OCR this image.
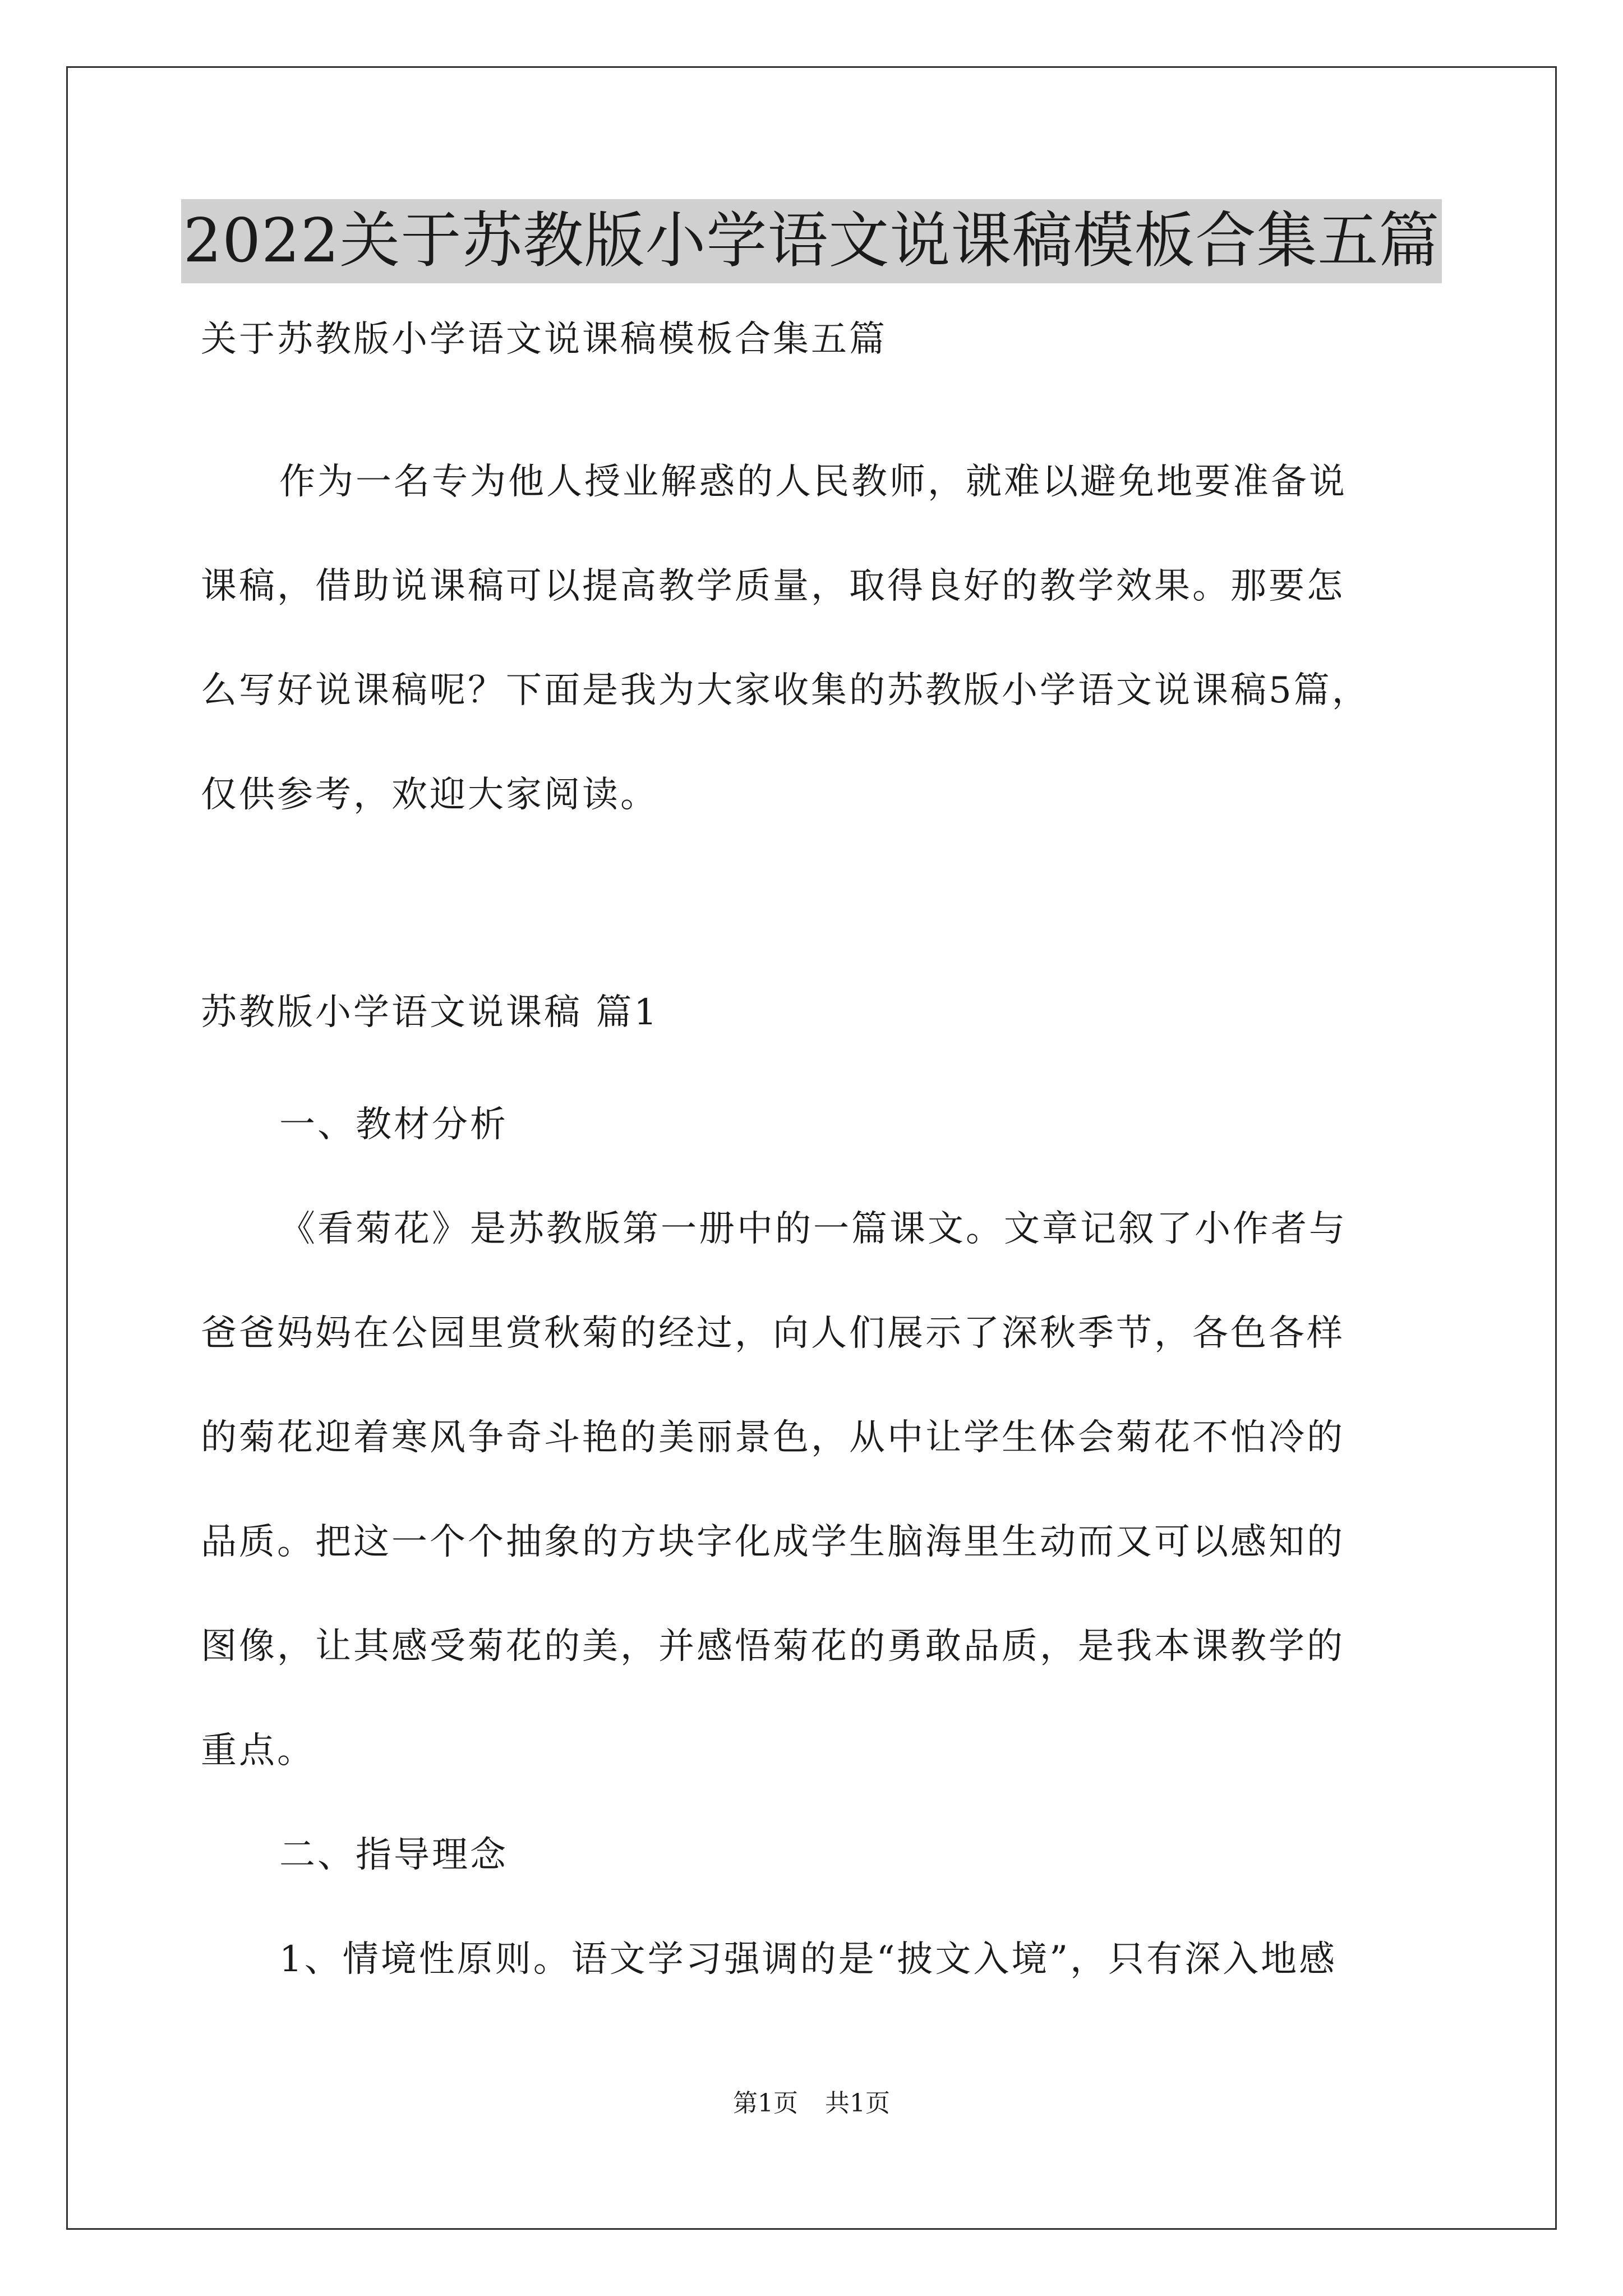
2022关于苏教版小学语文说课稿模板合集五篇
关于苏教版小学语文说课稿模板合集五篇
作为一名专为他人授业解惑的人民教师，就难以避免地要准备说
课稿，借助说课稿可以提高教学质量，取得良好的教学效果。那要怎
么写好说课稿呢？下面是我为大家收集的苏教版小学语文说课稿5篇，
仅供参考，欢迎大家阅读。
苏教版小学语文说课稿 篇1
一、教材分析
《看菊花》是苏教版第一册中的一篇课文。文章记叙了小作者与
爸爸妈妈在公园里赏秋菊的经过，向人们展示了深秋季节，各色各样
的菊花迎着寒风争奇斗艳的美丽景色，从中让学生体会菊花不怕冷的
品质。把这一个个抽象的方块字化成学生脑海里生动而又可以感知的
图像，让其感受菊花的美，并感悟菊花的勇敢品质，是我本课教学的
重点。
二、指导理念
1、情境性原则。语文学习强调的是“披文入境”，只有深入地感
第1页 共1页
